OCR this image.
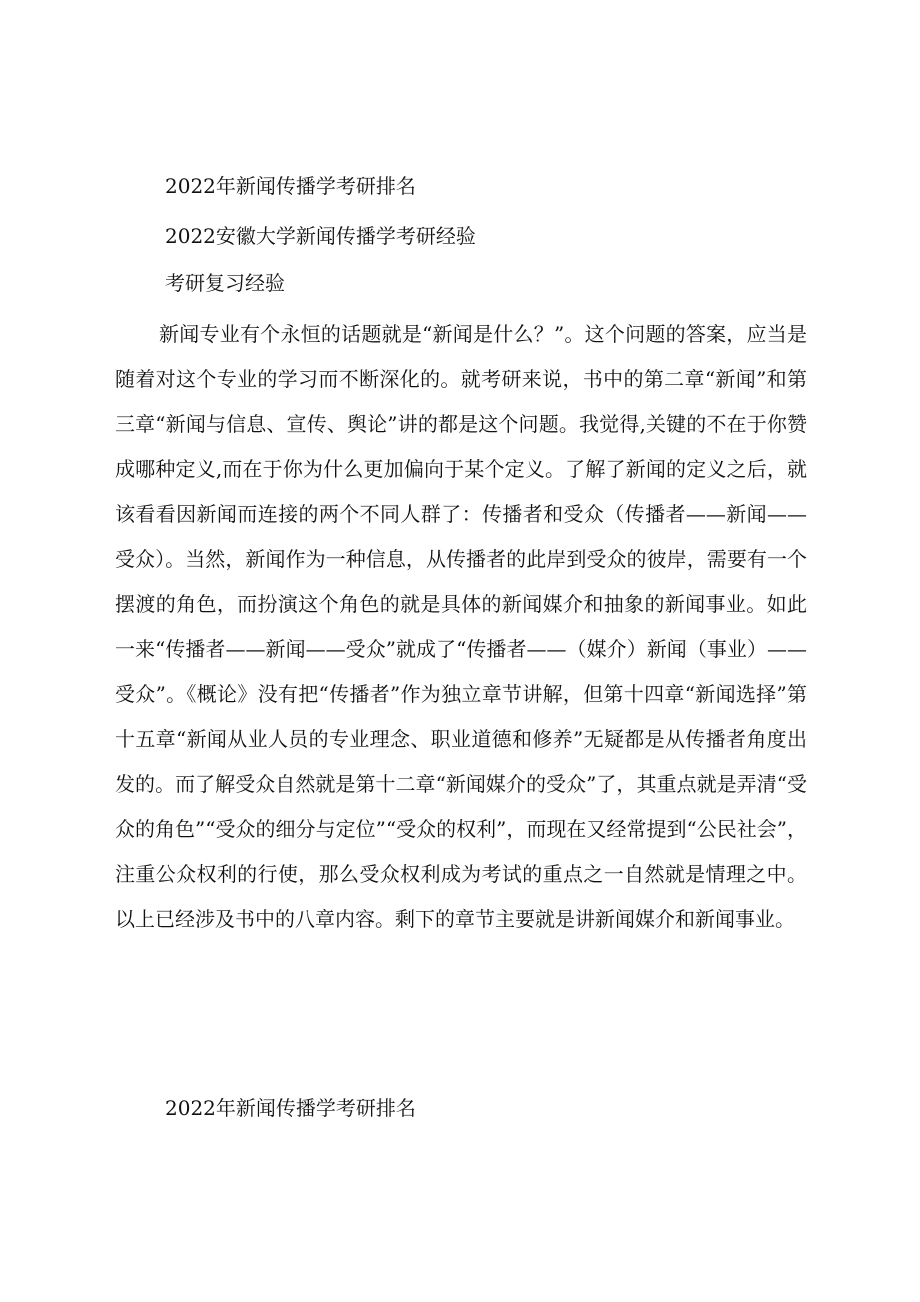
2022年新闻传播学考研排名

2022安徽大学新闻传播学考研经验

考研复习经验

新闻专业有个永恒的话题就是“新闻是什么？”。这个问题的答案，应当是随着对这个专业的学习而不断深化的。就考研来说，书中的第二章“新闻”和第三章“新闻与信息、宣传、舆论”讲的都是这个问题。我觉得,关键的不在于你赞成哪种定义,而在于你为什么更加偏向于某个定义。了解了新闻的定义之后，就该看看因新闻而连接的两个不同人群了：传播者和受众（传播者——新闻——受众）。当然，新闻作为一种信息，从传播者的此岸到受众的彼岸，需要有一个摆渡的角色，而扮演这个角色的就是具体的新闻媒介和抽象的新闻事业。如此一来“传播者——新闻——受众”就成了“传播者——（媒介）新闻（事业）——受众”。《概论》没有把“传播者”作为独立章节讲解，但第十四章“新闻选择”第十五章“新闻从业人员的专业理念、职业道德和修养”无疑都是从传播者角度出发的。而了解受众自然就是第十二章“新闻媒介的受众”了，其重点就是弄清“受众的角色”“受众的细分与定位”“受众的权利”，而现在又经常提到“公民社会”，注重公众权利的行使，那么受众权利成为考试的重点之一自然就是情理之中。以上已经涉及书中的八章内容。剩下的章节主要就是讲新闻媒介和新闻事业。

2022年新闻传播学考研排名
